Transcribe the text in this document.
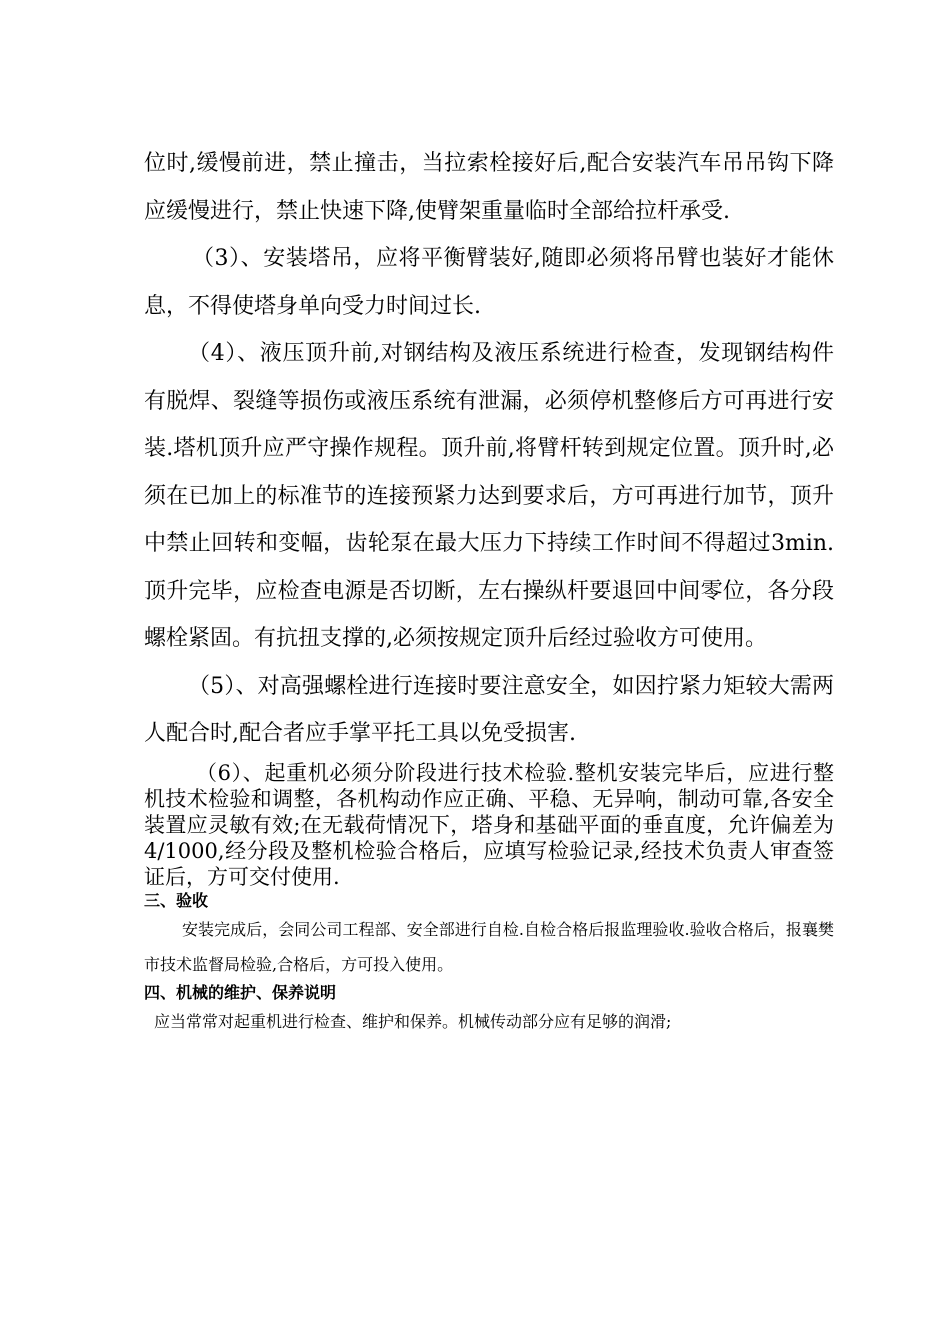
位时,缓慢前进，禁止撞击，当拉索栓接好后,配合安装汽车吊吊钩下降应缓慢进行，禁止快速下降,使臂架重量临时全部给拉杆承受.

（3）、安装塔吊，应将平衡臂装好,随即必须将吊臂也装好才能休息，不得使塔身单向受力时间过长.

（4）、液压顶升前,对钢结构及液压系统进行检查，发现钢结构件有脱焊、裂缝等损伤或液压系统有泄漏，必须停机整修后方可再进行安装.塔机顶升应严守操作规程。顶升前,将臂杆转到规定位置。顶升时,必须在已加上的标准节的连接预紧力达到要求后，方可再进行加节，顶升中禁止回转和变幅，齿轮泵在最大压力下持续工作时间不得超过3min.顶升完毕，应检查电源是否切断，左右操纵杆要退回中间零位，各分段螺栓紧固。有抗扭支撑的,必须按规定顶升后经过验收方可使用。

（5）、对高强螺栓进行连接时要注意安全，如因拧紧力矩较大需两人配合时,配合者应手掌平托工具以免受损害.

（6）、起重机必须分阶段进行技术检验.整机安装完毕后，应进行整机技术检验和调整，各机构动作应正确、平稳、无异响，制动可靠,各安全装置应灵敏有效;在无载荷情况下，塔身和基础平面的垂直度，允许偏差为4/1000,经分段及整机检验合格后，应填写检验记录,经技术负责人审查签证后，方可交付使用.

三、验收

安装完成后，会同公司工程部、安全部进行自检.自检合格后报监理验收.验收合格后，报襄樊市技术监督局检验,合格后，方可投入使用。

四、机械的维护、保养说明

应当常常对起重机进行检查、维护和保养。机械传动部分应有足够的润滑;
